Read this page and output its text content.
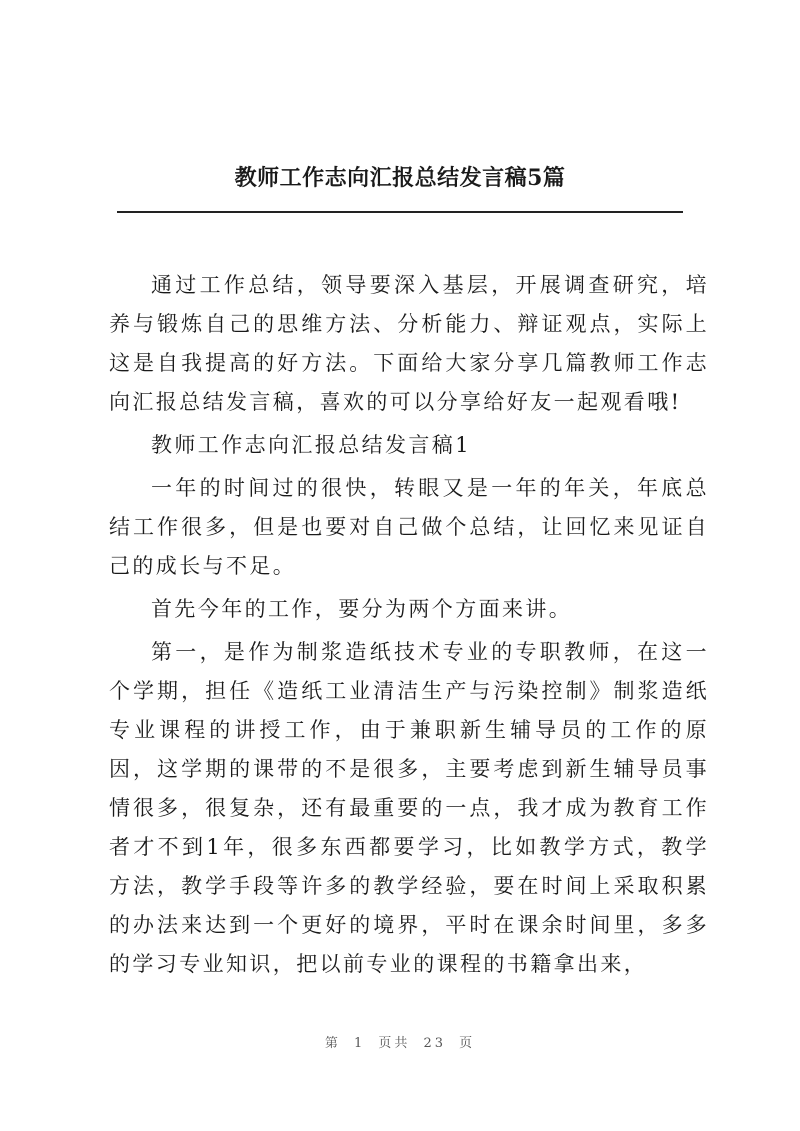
教师工作志向汇报总结发言稿5篇

通过工作总结，领导要深入基层，开展调查研究，培养与锻炼自己的思维方法、分析能力、辩证观点，实际上这是自我提高的好方法。下面给大家分享几篇教师工作志向汇报总结发言稿，喜欢的可以分享给好友一起观看哦!

教师工作志向汇报总结发言稿1

一年的时间过的很快，转眼又是一年的年关，年底总结工作很多，但是也要对自己做个总结，让回忆来见证自己的成长与不足。

首先今年的工作，要分为两个方面来讲。

第一，是作为制浆造纸技术专业的专职教师，在这一个学期，担任《造纸工业清洁生产与污染控制》制浆造纸专业课程的讲授工作，由于兼职新生辅导员的工作的原因，这学期的课带的不是很多，主要考虑到新生辅导员事情很多，很复杂，还有最重要的一点，我才成为教育工作者才不到1年，很多东西都要学习，比如教学方式，教学方法，教学手段等许多的教学经验，要在时间上采取积累的办法来达到一个更好的境界，平时在课余时间里，多多的学习专业知识，把以前专业的课程的书籍拿出来，

第 1 页共 23 页
